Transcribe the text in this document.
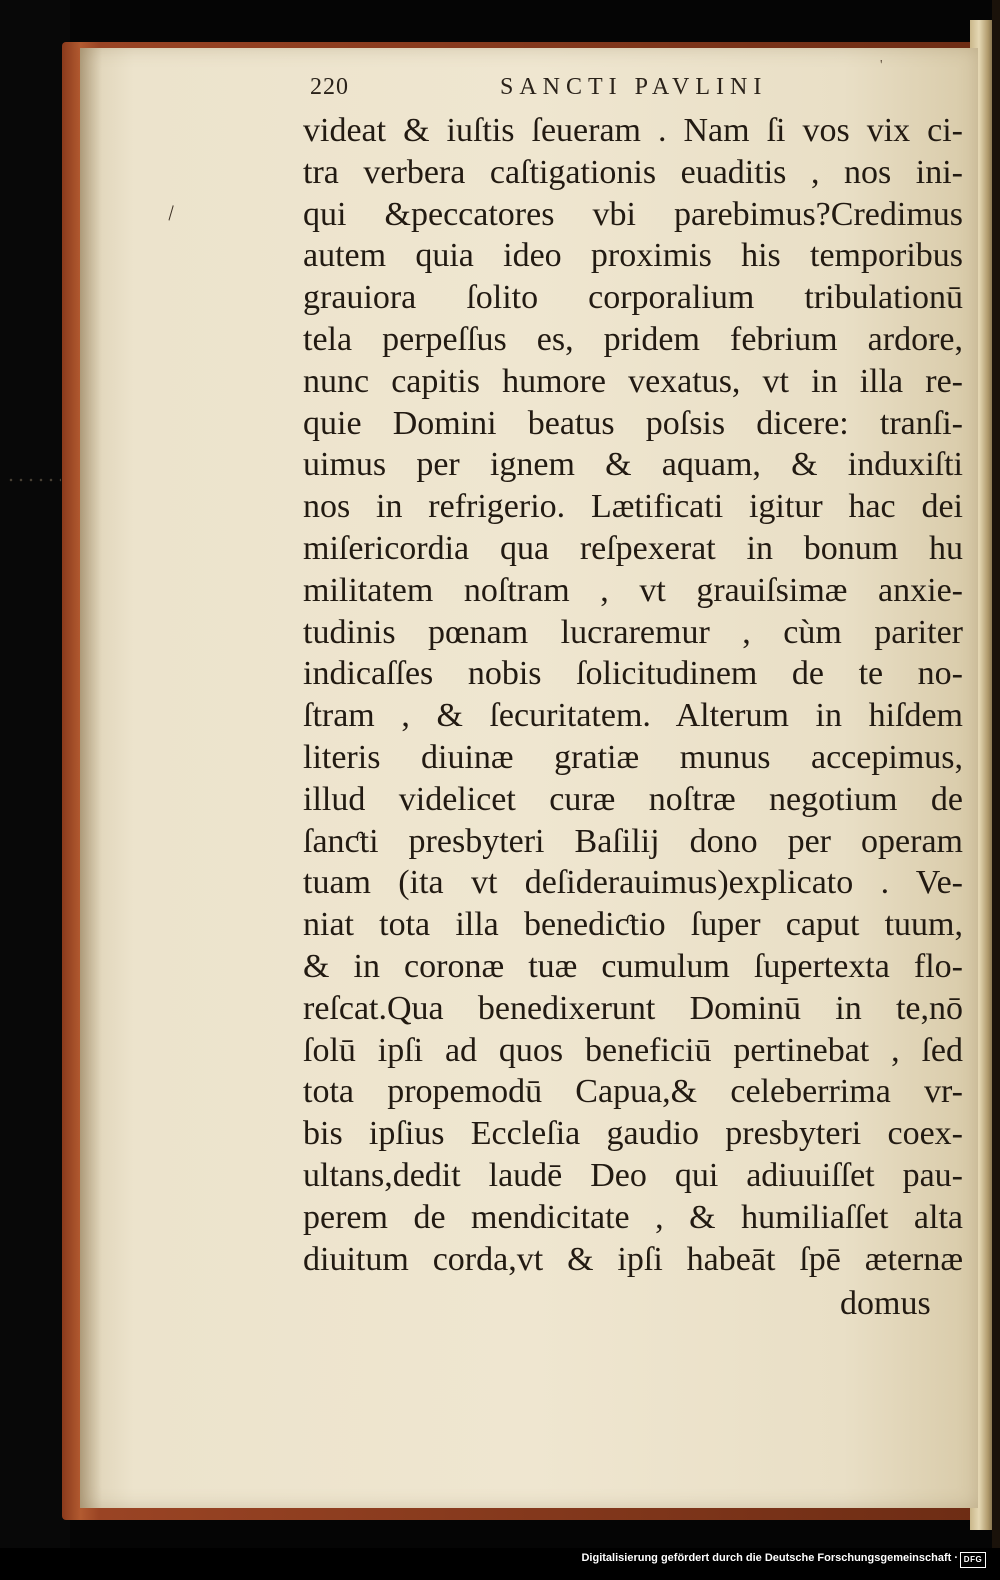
220	SANCTI PAVLINI
'
\
videat & iuſtis ſeueram . Nam ſi vos vix ci-
tra verbera caſtigationis euaditis , nos ini-
qui &peccatores vbi parebimus?Credimus
autem quia ideo proximis his temporibus
grauiora ſolito corporalium tribulationū
tela perpeſſus es, pridem febrium ardore,
nunc capitis humore vexatus, vt in illa re-
quie Domini beatus poſsis dicere: tranſi-
uimus per ignem & aquam, & induxiſti
nos in refrigerio. Lætificati igitur hac dei
miſericordia qua reſpexerat in bonum hu
militatem noſtram , vt grauiſsimæ anxie-
tudinis pœnam lucraremur , cùm pariter
indicaſſes nobis ſolicitudinem de te no-
ſtram , & ſecuritatem. Alterum in hiſdem
literis diuinæ gratiæ munus accepimus,
illud videlicet curæ noſtræ negotium de
ſanƈti presbyteri Baſilij dono per operam
tuam (ita vt deſiderauimus)explicato . Ve-
niat tota illa benediƈtio ſuper caput tuum,
& in coronæ tuæ cumulum ſupertexta flo-
reſcat.Qua benedixerunt Dominū in te,nō
ſolū ipſi ad quos beneficiū pertinebat , ſed
tota propemodū Capua,& celeberrima vr-
bis ipſius Eccleſia gaudio presbyteri coex-
ultans,dedit laudē Deo qui adiuuiſſet pau-
perem de mendicitate , & humiliaſſet alta
diuitum corda,vt & ipſi habeāt ſpē æternæ
domus
Digitalisierung gefördert durch die Deutsche Forschungsgemeinschaft · DFG
